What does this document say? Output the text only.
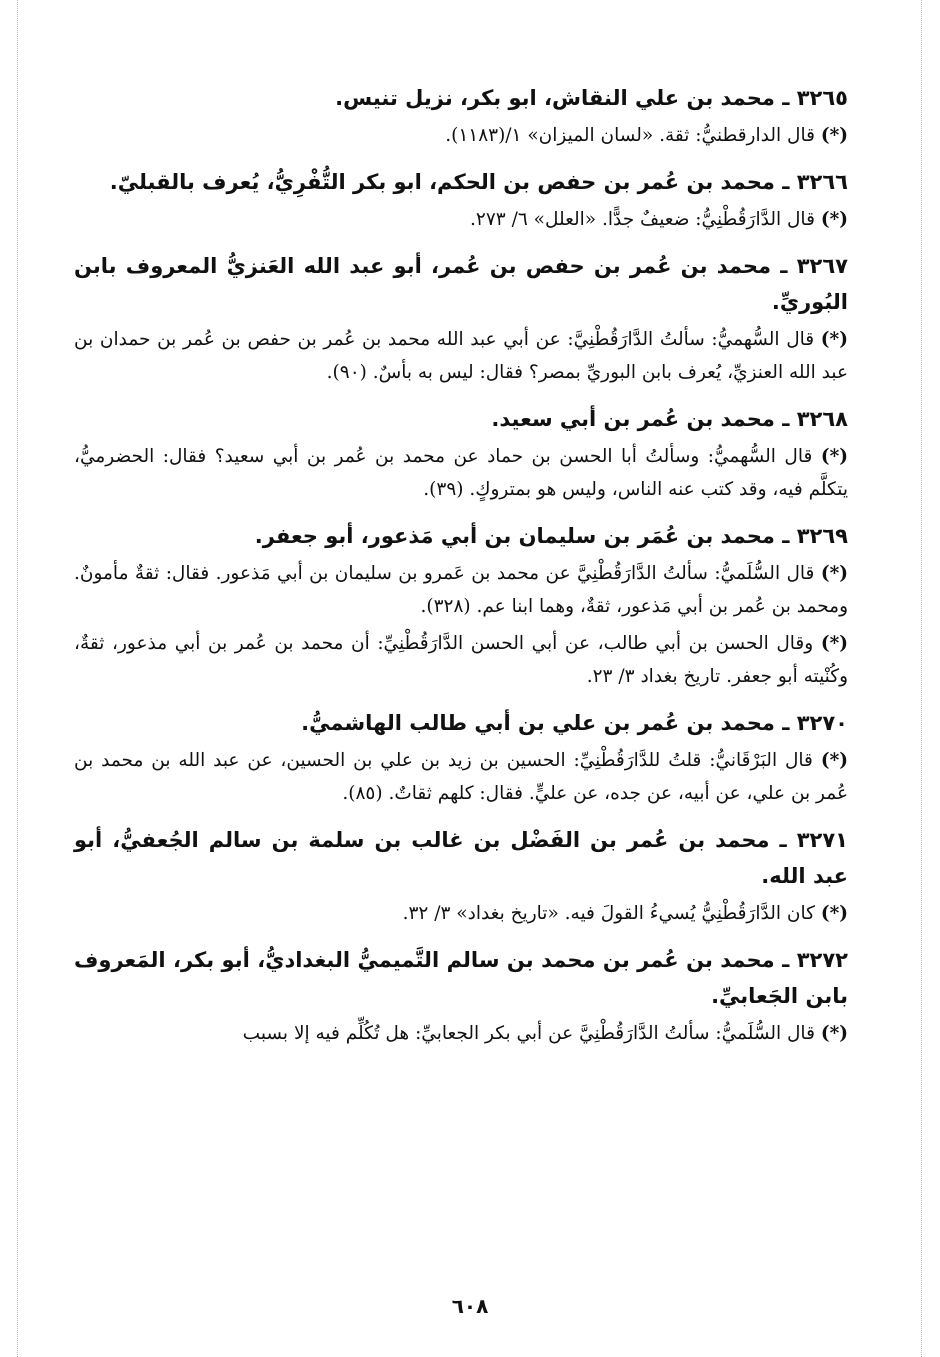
٣٢٦٥ ـ محمد بن علي النقاش، ابو بكر، نزيل تنيس.
(*) قال الدارقطنيُّ: ثقة. «لسان الميزان» ١/(١١٨٣).
٣٢٦٦ ـ محمد بن عُمر بن حفص بن الحكم، ابو بكر التُّفْرِيُّ، يُعرف بالقبليّ.
(*) قال الدَّارَقُطْنِيُّ: ضعيفٌ جدًّا. «العلل» ٦/ ٢٧٣.
٣٢٦٧ ـ محمد بن عُمر بن حفص بن عُمر، أبو عبد الله العَنزيُّ المعروف بابن البُوريِّ.
(*) قال السُّهميُّ: سألتُ الدَّارَقُطْنِيَّ: عن أبي عبد الله محمد بن عُمر بن حفص بن عُمر بن حمدان بن عبد الله العنزيِّ، يُعرف بابن البوريِّ بمصر؟ فقال: ليس به بأسٌ. (٩٠).
٣٢٦٨ ـ محمد بن عُمر بن أبي سعيد.
(*) قال السُّهميُّ: وسألتُ أبا الحسن بن حماد عن محمد بن عُمر بن أبي سعيد؟ فقال: الحضرميُّ، يتكلَّم فيه، وقد كتب عنه الناس، وليس هو بمتروكٍ. (٣٩).
٣٢٦٩ ـ محمد بن عُمَر بن سليمان بن أبي مَذعور، أبو جعفر.
(*) قال السُّلَميُّ: سألتُ الدَّارَقُطْنِيَّ عن محمد بن عَمرو بن سليمان بن أبي مَذعور. فقال: ثقةٌ مأمونٌ. ومحمد بن عُمر بن أبي مَذعور، ثقةٌ، وهما ابنا عم. (٣٢٨).
(*) وقال الحسن بن أبي طالب، عن أبي الحسن الدَّارَقُطْنِيِّ: أن محمد بن عُمر بن أبي مذعور، ثقةٌ، وكُنْيته أبو جعفر. تاريخ بغداد ٣/ ٢٣.
٣٢٧٠ ـ محمد بن عُمر بن علي بن أبي طالب الهاشميُّ.
(*) قال البَرْقَانيُّ: قلتُ للدَّارَقُطْنِيِّ: الحسين بن زيد بن علي بن الحسين، عن عبد الله بن محمد بن عُمر بن علي، عن أبيه، عن جده، عن عليٍّ. فقال: كلهم ثقاتٌ. (٨٥).
٣٢٧١ ـ محمد بن عُمر بن الفَضْل بن غالب بن سلمة بن سالم الجُعفيُّ، أبو عبد الله.
(*) كان الدَّارَقُطْنِيُّ يُسيءُ القولَ فيه. «تاريخ بغداد» ٣/ ٣٢.
٣٢٧٢ ـ محمد بن عُمر بن محمد بن سالم التَّميميُّ البغداديُّ، أبو بكر، المَعروف بابن الجَعابيِّ.
(*) قال السُّلَميُّ: سألتُ الدَّارَقُطْنِيَّ عن أبي بكر الجعابيِّ: هل تُكُلِّم فيه إلا بسبب
٦٠٨
